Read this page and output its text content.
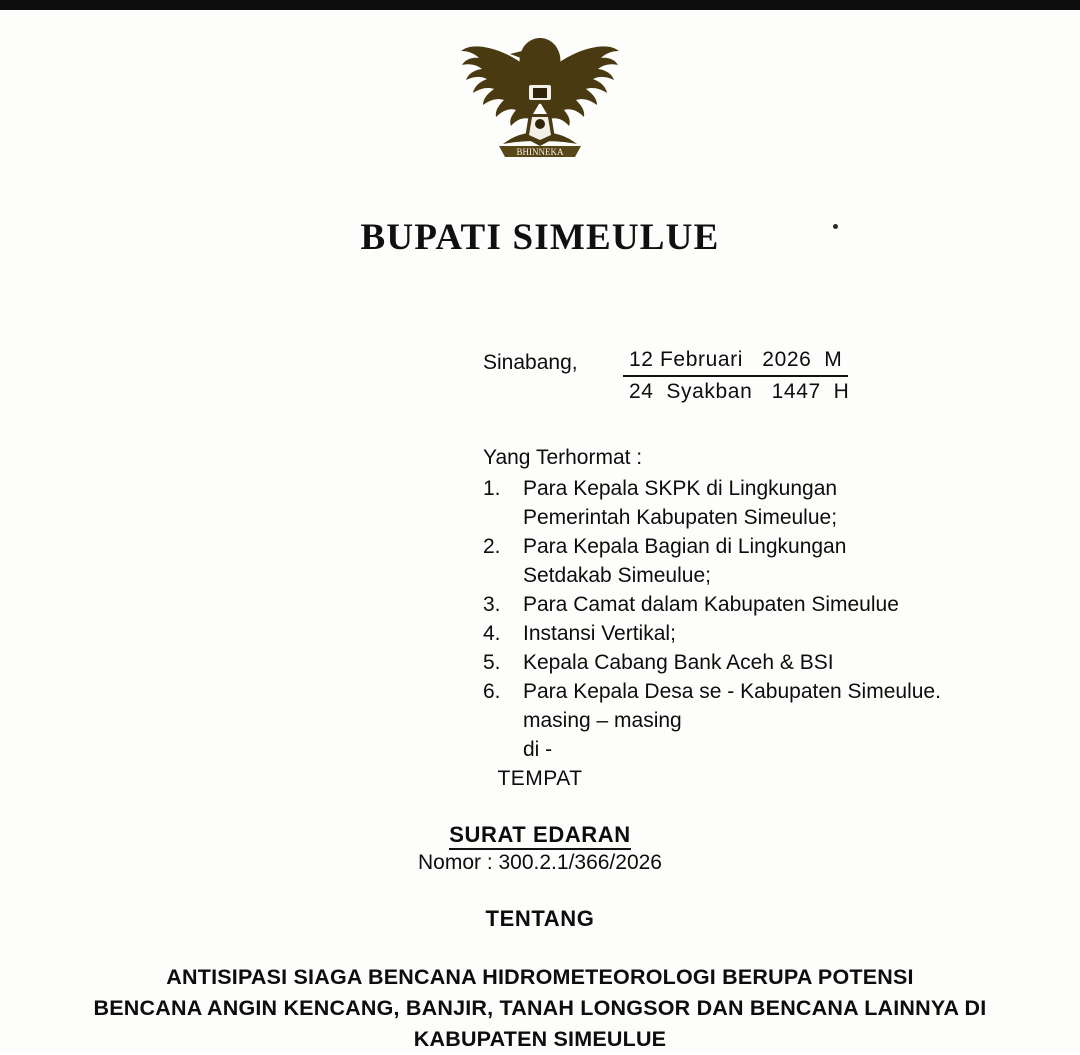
BHINNEKA
BUPATI SIMEULUE
Sinabang,	12 Februari   2026  M
24  Syakban   1447  H
Yang Terhormat :
1.	Para Kepala SKPK di Lingkungan
Pemerintah Kabupaten Simeulue;
2.	Para Kepala Bagian di Lingkungan
Setdakab Simeulue;
3.	Para Camat dalam Kabupaten Simeulue
4.	Instansi Vertikal;
5.	Kepala Cabang Bank Aceh & BSI
6.	Para Kepala Desa se - Kabupaten Simeulue.
masing – masing
di -
TEMPAT
SURAT EDARAN
Nomor : 300.2.1/366/2026
TENTANG
ANTISIPASI SIAGA BENCANA HIDROMETEOROLOGI BERUPA POTENSI
BENCANA ANGIN KENCANG, BANJIR, TANAH LONGSOR DAN BENCANA LAINNYA DI
KABUPATEN SIMEULUE
